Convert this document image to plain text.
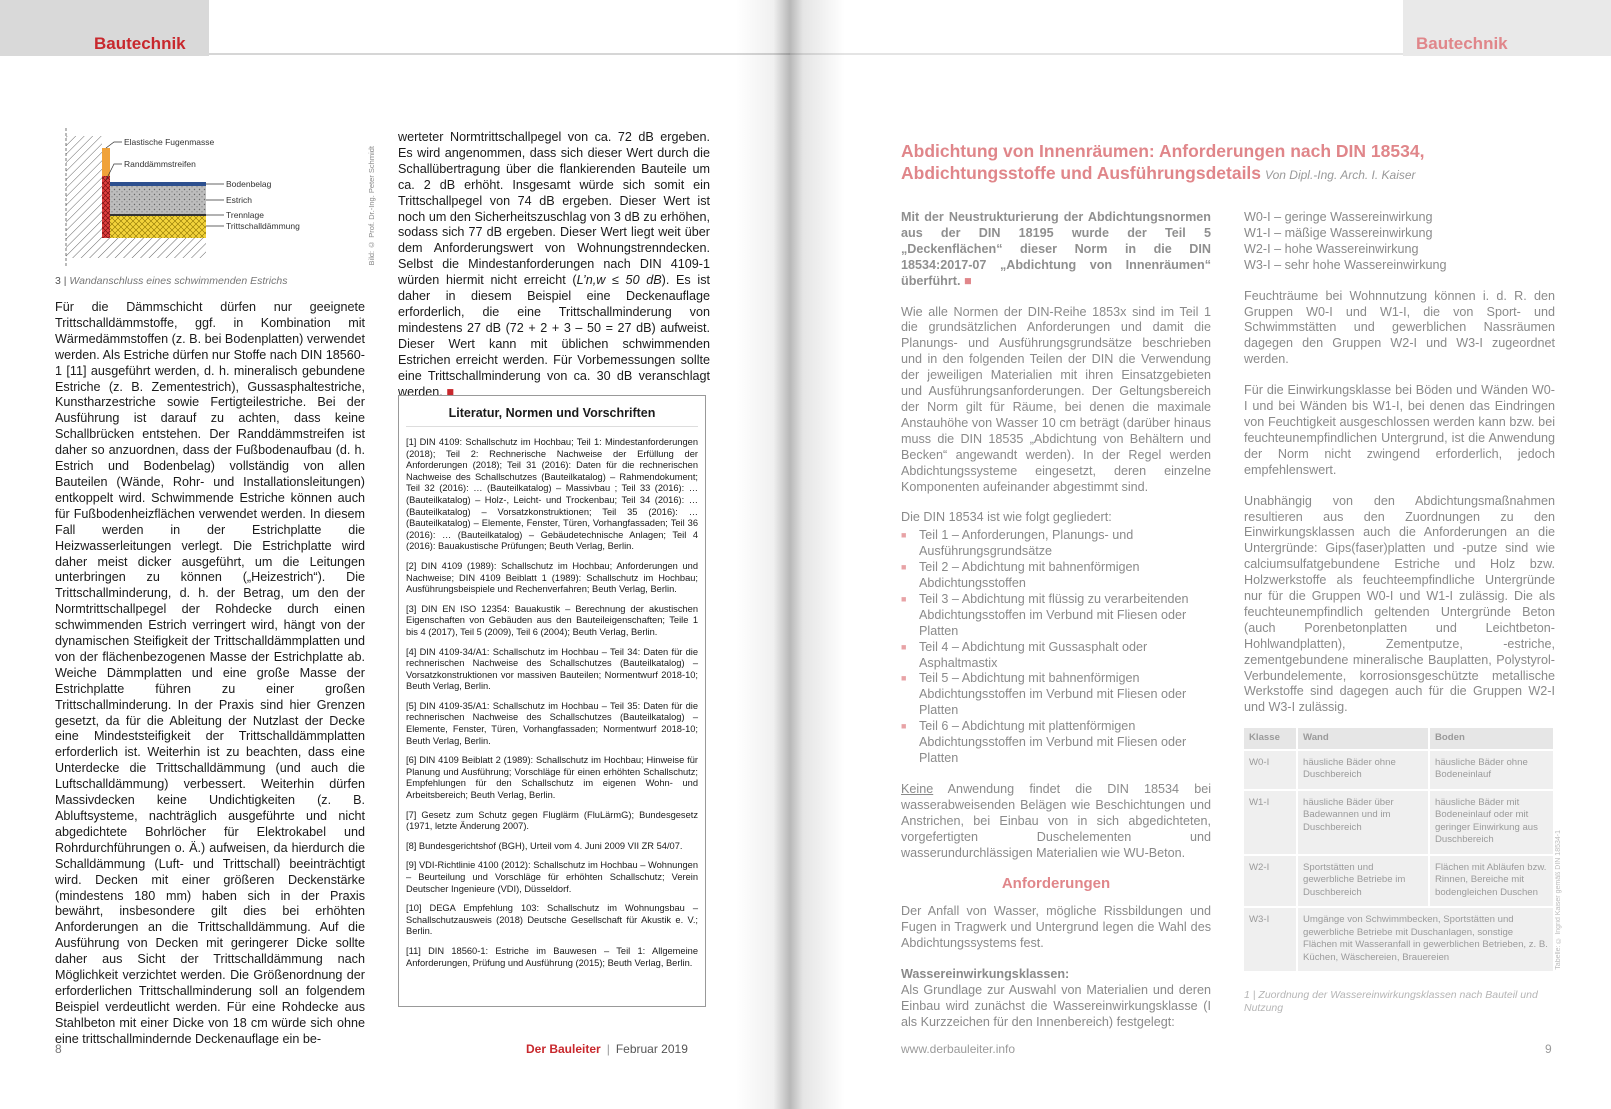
Bautechnik
Elastische Fugenmasse
Randdämmstreifen
Bodenbelag
Estrich
Trennlage
Trittschalldämmung	Bild: © Prof. Dr.-Ing. Peter Schmidt
3 | Wandanschluss eines schwimmenden Estrichs

Für die Dämmschicht dürfen nur geeignete Trittschalldämmstoffe, ggf. in Kombination mit Wärmedämmstoffen (z. B. bei Bodenplatten) verwendet werden. Als Estriche dürfen nur Stoffe nach DIN 18560-1 [11] ausgeführt werden, d. h. mineralisch gebundene Estriche (z. B. Zementestrich), Gussasphaltestriche, Kunstharzestriche sowie Fertigteilestriche. Bei der Ausführung ist darauf zu achten, dass keine Schallbrücken entstehen. Der Randdämmstreifen ist daher so anzuordnen, dass der Fußbodenaufbau (d. h. Estrich und Bodenbelag) vollständig von allen Bauteilen (Wände, Rohr- und Installationsleitungen) entkoppelt wird. Schwimmende Estriche können auch für Fußbodenheizflächen verwendet werden. In diesem Fall werden in der Estrichplatte die Heizwasserleitungen verlegt. Die Estrichplatte wird daher meist dicker ausgeführt, um die Leitungen unterbringen zu können („Heizestrich“). Die Trittschallminderung, d. h. der Betrag, um den der Normtrittschallpegel der Rohdecke durch einen schwimmenden Estrich verringert wird, hängt von der dynamischen Steifigkeit der Trittschalldämmplatten und von der flächenbezogenen Masse der Estrichplatte ab. Weiche Dämmplatten und eine große Masse der Estrichplatte führen zu einer großen Trittschallminderung. In der Praxis sind hier Grenzen gesetzt, da für die Ableitung der Nutzlast der Decke eine Mindeststeifigkeit der Trittschalldämmplatten erforderlich ist. Weiterhin ist zu beachten, dass eine Unterdecke die Trittschalldämmung (und auch die Luftschalldämmung) verbessert. Weiterhin dürfen Massivdecken keine Undichtigkeiten (z. B. Abluftsysteme, nachträglich ausgeführte und nicht abgedichtete Bohrlöcher für Elektrokabel und Rohrdurchführungen o. Ä.) aufweisen, da hierdurch die Schalldämmung (Luft- und Trittschall) beeinträchtigt wird. Decken mit einer größeren Deckenstärke (mindestens 180 mm) haben sich in der Praxis bewährt, insbesondere gilt dies bei erhöhten Anforderungen an die Trittschalldämmung. Auf die Ausführung von Decken mit geringerer Dicke sollte daher aus Sicht der Trittschalldämmung nach Möglichkeit verzichtet werden. Die Größenordnung der erforderlichen Trittschallminderung soll an folgendem Beispiel verdeutlicht werden. Für eine Rohdecke aus Stahlbeton mit einer Dicke von 18 cm würde sich ohne eine trittschallmindernde Deckenauflage ein be-

werteter Normtrittschallpegel von ca. 72 dB ergeben. Es wird angenommen, dass sich dieser Wert durch die Schallübertragung über die flankierenden Bauteile um ca. 2 dB erhöht. Insgesamt würde sich somit ein Trittschallpegel von 74 dB ergeben. Dieser Wert ist noch um den Sicherheitszuschlag von 3 dB zu erhöhen, sodass sich 77 dB ergeben. Dieser Wert liegt weit über dem Anforderungswert von Wohnungstrenndecken. Selbst die Mindestanforderungen nach DIN 4109-1 würden hiermit nicht erreicht (L’n,w ≤ 50 dB). Es ist daher in diesem Beispiel eine Deckenauflage erforderlich, die eine Trittschallminderung von mindestens 27 dB (72 + 2 + 3 – 50 = 27 dB) aufweist. Dieser Wert kann mit üblichen schwimmenden Estrichen erreicht werden. Für Vorbemessungen sollte eine Trittschallminderung von ca. 30 dB veranschlagt werden. ■

Literatur, Normen und Vorschriften

[1] DIN 4109: Schallschutz im Hochbau; Teil 1: Mindestanforderungen (2018); Teil 2: Rechnerische Nachweise der Erfüllung der Anforderungen (2018); Teil 31 (2016): Daten für die rechnerischen Nachweise des Schallschutzes (Bauteilkatalog) – Rahmendokument; Teil 32 (2016): … (Bauteilkatalog) – Massivbau ; Teil 33 (2016): … (Bauteilkatalog) – Holz-, Leicht- und Trockenbau; Teil 34 (2016): … (Bauteilkatalog) – Vorsatzkonstruktionen; Teil 35 (2016): … (Bauteilkatalog) – Elemente, Fenster, Türen, Vorhangfassaden; Teil 36 (2016): … (Bauteilkatalog) – Gebäudetechnische Anlagen; Teil 4 (2016): Bauakustische Prüfungen; Beuth Verlag, Berlin.

[2] DIN 4109 (1989): Schallschutz im Hochbau; Anforderungen und Nachweise; DIN 4109 Beiblatt 1 (1989): Schallschutz im Hochbau; Ausführungsbeispiele und Rechenverfahren; Beuth Verlag, Berlin.

[3] DIN EN ISO 12354: Bauakustik – Berechnung der akustischen Eigenschaften von Gebäuden aus den Bauteileigenschaften; Teile 1 bis 4 (2017), Teil 5 (2009), Teil 6 (2004); Beuth Verlag, Berlin.

[4] DIN 4109-34/A1: Schallschutz im Hochbau – Teil 34: Daten für die rechnerischen Nachweise des Schallschutzes (Bauteilkatalog) – Vorsatzkonstruktionen vor massiven Bauteilen; Normentwurf 2018-10; Beuth Verlag, Berlin.

[5] DIN 4109-35/A1: Schallschutz im Hochbau – Teil 35: Daten für die rechnerischen Nachweise des Schallschutzes (Bauteilkatalog) – Elemente, Fenster, Türen, Vorhangfassaden; Normentwurf 2018-10; Beuth Verlag, Berlin.

[6] DIN 4109 Beiblatt 2 (1989): Schallschutz im Hochbau; Hinweise für Planung und Ausführung; Vorschläge für einen erhöhten Schallschutz; Empfehlungen für den Schallschutz im eigenen Wohn- und Arbeitsbereich; Beuth Verlag, Berlin.

[7] Gesetz zum Schutz gegen Fluglärm (FluLärmG); Bundesgesetz (1971, letzte Änderung 2007).

[8] Bundesgerichtshof (BGH), Urteil vom 4. Juni 2009 VII ZR 54/07.

[9] VDI-Richtlinie 4100 (2012): Schallschutz im Hochbau – Wohnungen – Beurteilung und Vorschläge für erhöhten Schallschutz; Verein Deutscher Ingenieure (VDI), Düsseldorf.

[10] DEGA Empfehlung 103: Schallschutz im Wohnungsbau – Schallschutzausweis (2018) Deutsche Gesellschaft für Akustik e. V.; Berlin.

[11] DIN 18560-1: Estriche im Bauwesen – Teil 1: Allgemeine Anforderungen, Prüfung und Ausführung (2015); Beuth Verlag, Berlin.

8	Der Bauleiter | Februar 2019
Bautechnik
Abdichtung von Innenräumen: Anforderungen nach DIN 18534, Abdichtungsstoffe und Ausführungsdetails Von Dipl.-Ing. Arch. I. Kaiser

Mit der Neustrukturierung der Abdichtungsnormen aus der DIN 18195 wurde der Teil 5 „Deckenflächen“ dieser Norm in die DIN 18534:2017-07 „Abdichtung von Innenräumen“ überführt. ■

Wie alle Normen der DIN-Reihe 1853x sind im Teil 1 die grundsätzlichen Anforderungen und damit die Planungs- und Ausführungsgrundsätze beschrieben und in den folgenden Teilen der DIN die Verwendung der jeweiligen Materialien mit ihren Einsatzgebieten und Ausführungsanforderungen. Der Geltungsbereich der Norm gilt für Räume, bei denen die maximale Anstauhöhe von Wasser 10 cm beträgt (darüber hinaus muss die DIN 18535 „Abdichtung von Behältern und Becken“ angewandt werden). In der Regel werden Abdichtungssysteme eingesetzt, deren einzelne Komponenten aufeinander abgestimmt sind.

Die DIN 18534 ist wie folgt gegliedert:

■ Teil 1 – Anforderungen, Planungs- und Ausführungsgrundsätze
■ Teil 2 – Abdichtung mit bahnenförmigen Abdichtungsstoffen
■ Teil 3 – Abdichtung mit flüssig zu verarbeitenden Abdichtungsstoffen im Verbund mit Fliesen oder Platten
■ Teil 4 – Abdichtung mit Gussasphalt oder Asphaltmastix
■ Teil 5 – Abdichtung mit bahnenförmigen Abdichtungsstoffen im Verbund mit Fliesen oder Platten
■ Teil 6 – Abdichtung mit plattenförmigen Abdichtungsstoffen im Verbund mit Fliesen oder Platten

Keine Anwendung findet die DIN 18534 bei wasserabweisenden Belägen wie Beschichtungen und Anstrichen, bei Einbau von in sich abgedichteten, vorgefertigten Duschelementen und wasserundurchlässigen Materialien wie WU-Beton.

Anforderungen

Der Anfall von Wasser, mögliche Rissbildungen und Fugen in Tragwerk und Untergrund legen die Wahl des Abdichtungssystems fest.

Wassereinwirkungsklassen:

Als Grundlage zur Auswahl von Materialien und deren Einbau wird zunächst die Wassereinwirkungsklasse (I als Kurzzeichen für den Innenbereich) festgelegt:

W0-I – geringe Wassereinwirkung
W1-I – mäßige Wassereinwirkung
W2-I – hohe Wassereinwirkung
W3-I – sehr hohe Wassereinwirkung

Feuchträume bei Wohnnutzung können i. d. R. den Gruppen W0-I und W1-I, die von Sport- und Schwimmstätten und gewerblichen Nassräumen dagegen den Gruppen W2-I und W3-I zugeordnet werden.

Für die Einwirkungsklasse bei Böden und Wänden W0-I und bei Wänden bis W1-I, bei denen das Eindringen von Feuchtigkeit ausgeschlossen werden kann bzw. bei feuchteunempfindlichen Untergrund, ist die Anwendung der Norm nicht zwingend erforderlich, jedoch empfehlenswert.

Unabhängig von den Abdichtungsmaßnahmen resultieren aus den Zuordnungen zu den Einwirkungsklassen auch die Anforderungen an die Untergründe: Gips(faser)platten und -putze sind wie calciumsulfatgebundene Estriche und Holz bzw. Holzwerkstoffe als feuchteempfindliche Untergründe nur für die Gruppen W0-I und W1-I zulässig. Die als feuchteunempfindlich geltenden Untergründe Beton (auch Porenbetonplatten und Leichtbeton-Hohlwandplatten), Zementputze, -estriche, zementgebundene mineralische Bauplatten, Polystyrol-Verbundelemente, korrosionsgeschützte metallische Werkstoffe sind dagegen auch für die Gruppen W2-I und W3-I zulässig.

Klasse	Wand	Boden
W0-I	häusliche Bäder ohne Duschbereich	häusliche Bäder ohne Bodeneinlauf
W1-I	häusliche Bäder über Badewannen und im Duschbereich	häusliche Bäder mit Bodeneinlauf oder mit geringer Einwirkung aus Duschbereich
W2-I	Sportstätten und gewerbliche Betriebe im Duschbereich	Flächen mit Abläufen bzw. Rinnen, Bereiche mit bodengleichen Duschen
W3-I	Umgänge von Schwimmbecken, Sportstätten und gewerbliche Betriebe mit Duschanlagen, sonstige Flächen mit Wasseranfall in gewerblichen Betrieben, z. B. Küchen, Wäschereien, Brauereien	
1 | Zuordnung der Wassereinwirkungsklassen nach Bauteil und Nutzung
Tabelle: © Ingrid Kaiser gemäß DIN 18534-1
www.derbauleiter.info	9
